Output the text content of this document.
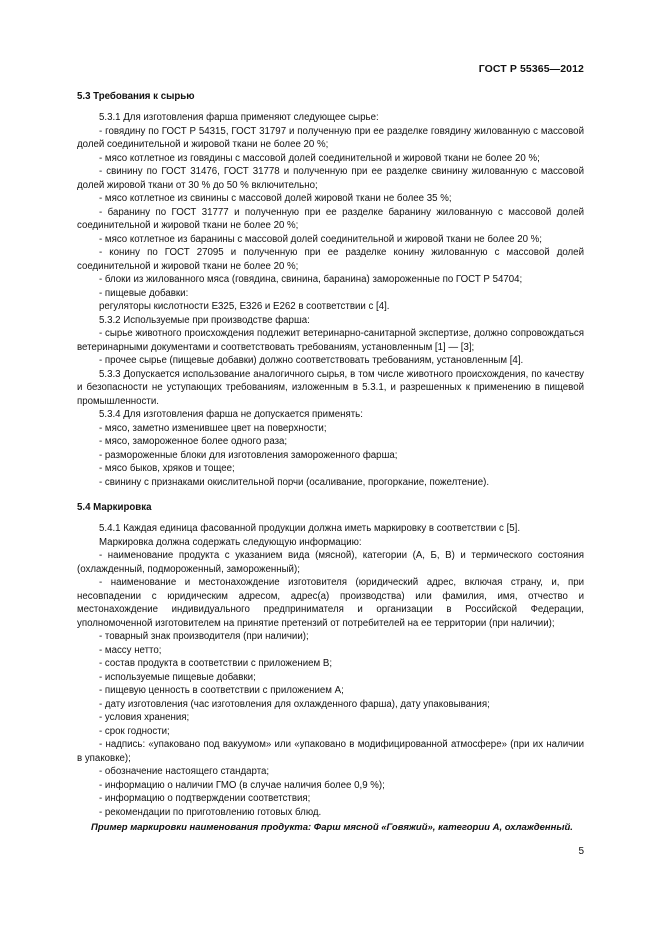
ГОСТ Р 55365—2012

5.3 Требования к сырью

5.3.1 Для изготовления фарша применяют следующее сырье:

- говядину по ГОСТ Р 54315, ГОСТ 31797 и полученную при ее разделке говядину жилованную с массовой долей соединительной и жировой ткани не более 20 %;

- мясо котлетное из говядины с массовой долей соединительной и жировой ткани не более 20 %;

- свинину по ГОСТ 31476, ГОСТ 31778 и полученную при ее разделке свинину жилованную с массовой долей жировой ткани от 30 % до 50 % включительно;

- мясо котлетное из свинины с массовой долей жировой ткани не более 35 %;

- баранину по ГОСТ 31777 и полученную при ее разделке баранину жилованную с массовой долей соединительной и жировой ткани не более 20 %;

- мясо котлетное из баранины с массовой долей соединительной и жировой ткани не более 20 %;

- конину по ГОСТ 27095 и полученную при ее разделке конину жилованную с массовой долей соединительной и жировой ткани не более 20 %;

- блоки из жилованного мяса (говядина, свинина, баранина) замороженные по ГОСТ Р 54704;

- пищевые добавки:

регуляторы кислотности Е325, Е326 и Е262 в соответствии с [4].

5.3.2 Используемые при производстве фарша:

- сырье животного происхождения подлежит ветеринарно-санитарной экспертизе, должно сопровождаться ветеринарными документами и соответствовать требованиям, установленным [1] — [3];

- прочее сырье (пищевые добавки) должно соответствовать требованиям, установленным [4].

5.3.3 Допускается использование аналогичного сырья, в том числе животного происхождения, по качеству и безопасности не уступающих требованиям, изложенным в 5.3.1, и разрешенных к применению в пищевой промышленности.

5.3.4 Для изготовления фарша не допускается применять:

- мясо, заметно изменившее цвет на поверхности;

- мясо, замороженное более одного раза;

- размороженные блоки для изготовления замороженного фарша;

- мясо быков, хряков и тощее;

- свинину с признаками окислительной порчи (осаливание, прогоркание, пожелтение).

5.4 Маркировка

5.4.1 Каждая единица фасованной продукции должна иметь маркировку в соответствии с [5].

Маркировка должна содержать следующую информацию:

- наименование продукта с указанием вида (мясной), категории (А, Б, В) и термического состояния (охлажденный, подмороженный, замороженный);

- наименование и местонахождение изготовителя (юридический адрес, включая страну, и, при несовпадении с юридическим адресом, адрес(а) производства) или фамилия, имя, отчество и местонахождение индивидуального предпринимателя и организации в Российской Федерации, уполномоченной изготовителем на принятие претензий от потребителей на ее территории (при наличии);

- товарный знак производителя (при наличии);

- массу нетто;

- состав продукта в соответствии с приложением В;

- используемые пищевые добавки;

- пищевую ценность в соответствии с приложением А;

- дату изготовления (час изготовления для охлажденного фарша), дату упаковывания;

- условия хранения;

- срок годности;

- надпись: «упаковано под вакуумом» или «упаковано в модифицированной атмосфере» (при их наличии в упаковке);

- обозначение настоящего стандарта;

- информацию о наличии ГМО (в случае наличия более 0,9 %);

- информацию о подтверждении соответствия;

- рекомендации по приготовлению готовых блюд.

Пример маркировки наименования продукта: Фарш мясной «Говяжий», категории А, охлажденный.

5
